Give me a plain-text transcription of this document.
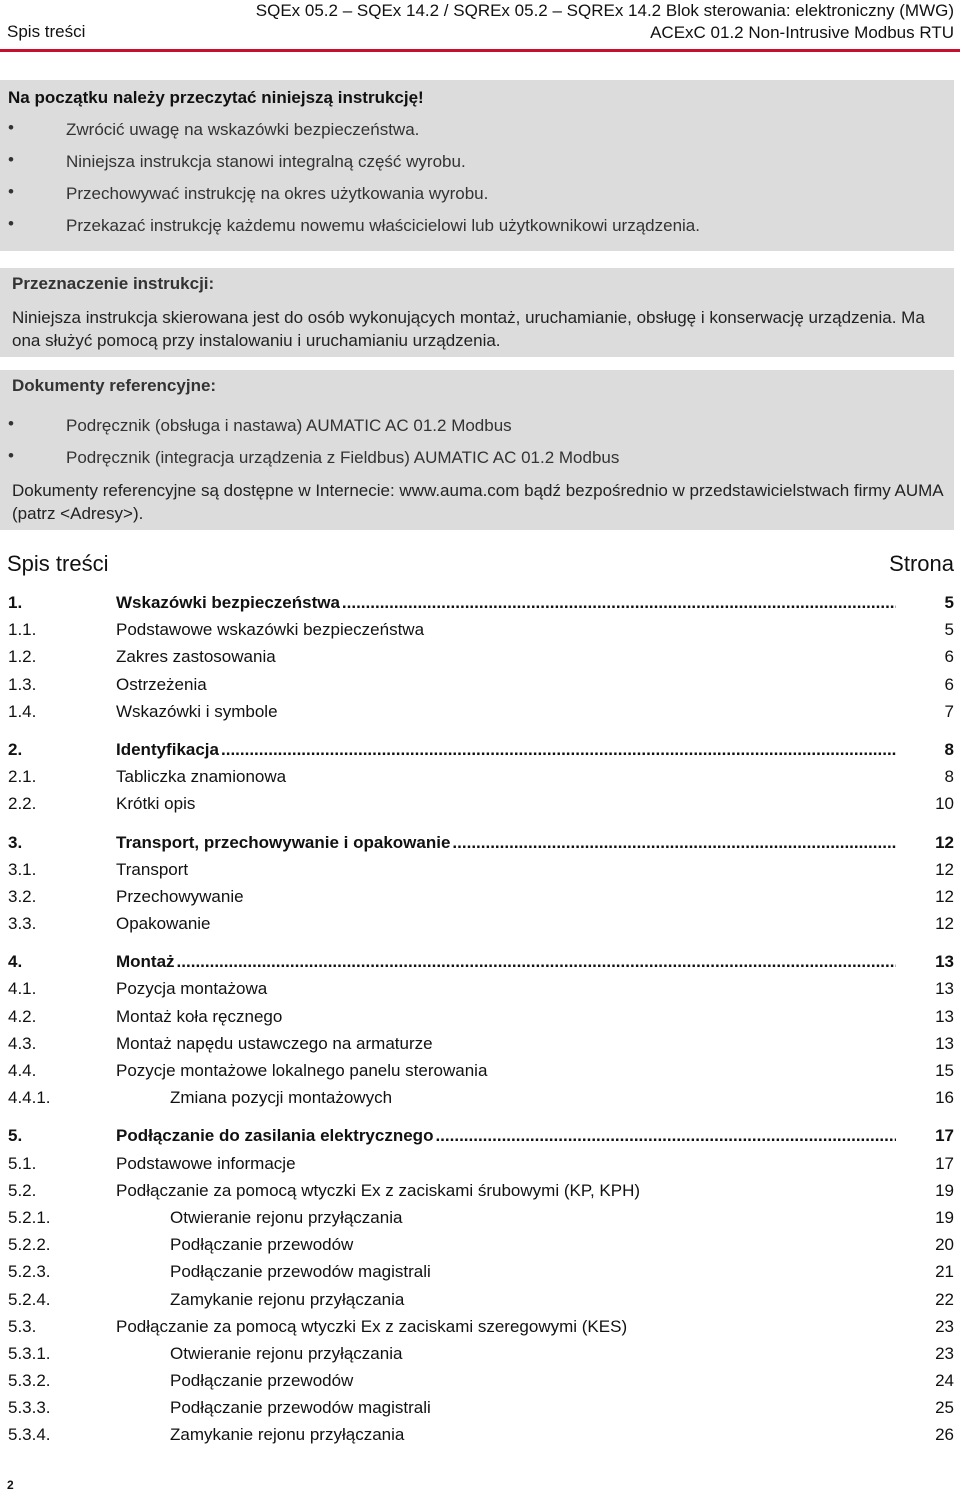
Spis treści
SQEx 05.2 – SQEx 14.2 / SQREx 05.2 – SQREx 14.2 Blok sterowania: elektroniczny (MWG)
ACExC 01.2 Non-Intrusive Modbus RTU
Na początku należy przeczytać niniejszą instrukcję!
•	Zwrócić uwagę na wskazówki bezpieczeństwa.
•	Niniejsza instrukcja stanowi integralną część wyrobu.
•	Przechowywać instrukcję na okres użytkowania wyrobu.
•	Przekazać instrukcję każdemu nowemu właścicielowi lub użytkownikowi urządzenia.
Przeznaczenie instrukcji:
Niniejsza instrukcja skierowana jest do osób wykonujących montaż, uruchamianie, obsługę i konserwację urządzenia. Ma ona służyć pomocą przy instalowaniu i uruchamianiu urządzenia.
Dokumenty referencyjne:
•	Podręcznik (obsługa i nastawa) AUMATIC AC 01.2 Modbus
•	Podręcznik (integracja urządzenia z Fieldbus) AUMATIC AC 01.2 Modbus
Dokumenty referencyjne są dostępne w Internecie: www.auma.com bądź bezpośrednio w przedstawicielstwach firmy AUMA (patrz <Adresy>).
Spis treści	Strona
1.	Wskazówki bezpieczeństwa .....	5
1.1.	Podstawowe wskazówki bezpieczeństwa	5
1.2.	Zakres zastosowania	6
1.3.	Ostrzeżenia	6
1.4.	Wskazówki i symbole	7
2.	Identyfikacja .....	8
2.1.	Tabliczka znamionowa	8
2.2.	Krótki opis	10
3.	Transport, przechowywanie i opakowanie .....	12
3.1.	Transport	12
3.2.	Przechowywanie	12
3.3.	Opakowanie	12
4.	Montaż .....	13
4.1.	Pozycja montażowa	13
4.2.	Montaż koła ręcznego	13
4.3.	Montaż napędu ustawczego na armaturze	13
4.4.	Pozycje montażowe lokalnego panelu sterowania	15
4.4.1.	Zmiana pozycji montażowych	16
5.	Podłączanie do zasilania elektrycznego .....	17
5.1.	Podstawowe informacje	17
5.2.	Podłączanie za pomocą wtyczki Ex z zaciskami śrubowymi (KP, KPH)	19
5.2.1.	Otwieranie rejonu przyłączania	19
5.2.2.	Podłączanie przewodów	20
5.2.3.	Podłączanie przewodów magistrali	21
5.2.4.	Zamykanie rejonu przyłączania	22
5.3.	Podłączanie za pomocą wtyczki Ex z zaciskami szeregowymi (KES)	23
5.3.1.	Otwieranie rejonu przyłączania	23
5.3.2.	Podłączanie przewodów	24
5.3.3.	Podłączanie przewodów magistrali	25
5.3.4.	Zamykanie rejonu przyłączania	26
2
